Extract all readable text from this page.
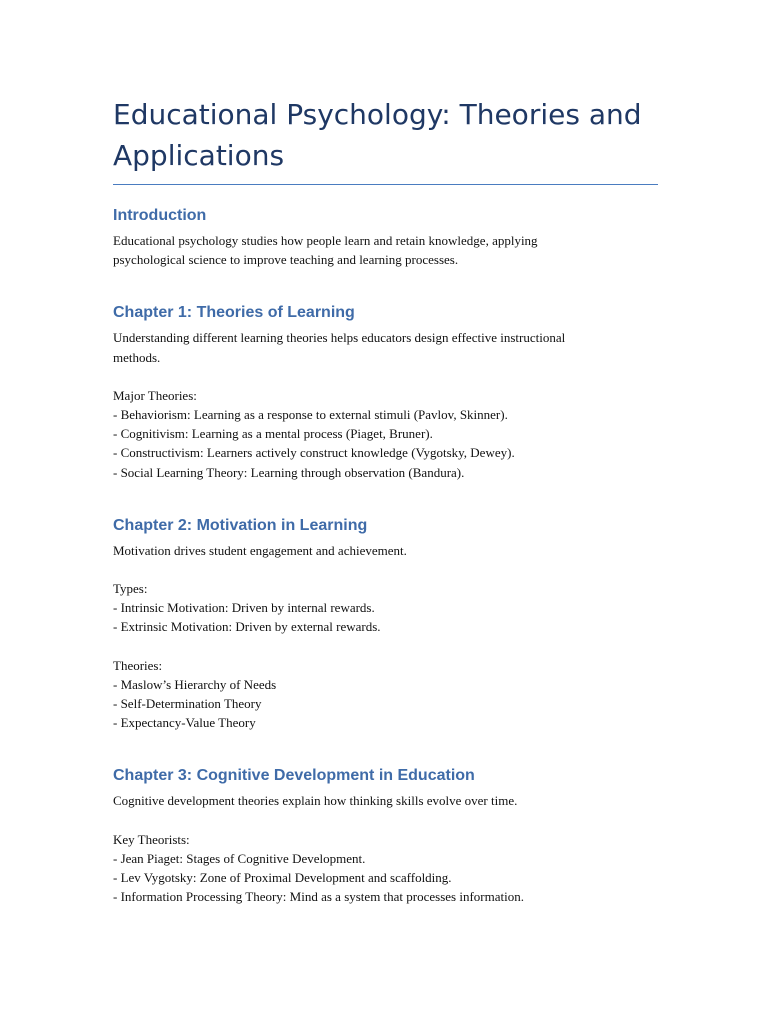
Educational Psychology: Theories and Applications
Introduction

Educational psychology studies how people learn and retain knowledge, applying
psychological science to improve teaching and learning processes.

Chapter 1: Theories of Learning

Understanding different learning theories helps educators design effective instructional
methods.

Major Theories:
- Behaviorism: Learning as a response to external stimuli (Pavlov, Skinner).
- Cognitivism: Learning as a mental process (Piaget, Bruner).
- Constructivism: Learners actively construct knowledge (Vygotsky, Dewey).
- Social Learning Theory: Learning through observation (Bandura).

Chapter 2: Motivation in Learning

Motivation drives student engagement and achievement.

Types:
- Intrinsic Motivation: Driven by internal rewards.
- Extrinsic Motivation: Driven by external rewards.

Theories:
- Maslow’s Hierarchy of Needs
- Self-Determination Theory
- Expectancy-Value Theory

Chapter 3: Cognitive Development in Education

Cognitive development theories explain how thinking skills evolve over time.

Key Theorists:
- Jean Piaget: Stages of Cognitive Development.
- Lev Vygotsky: Zone of Proximal Development and scaffolding.
- Information Processing Theory: Mind as a system that processes information.
